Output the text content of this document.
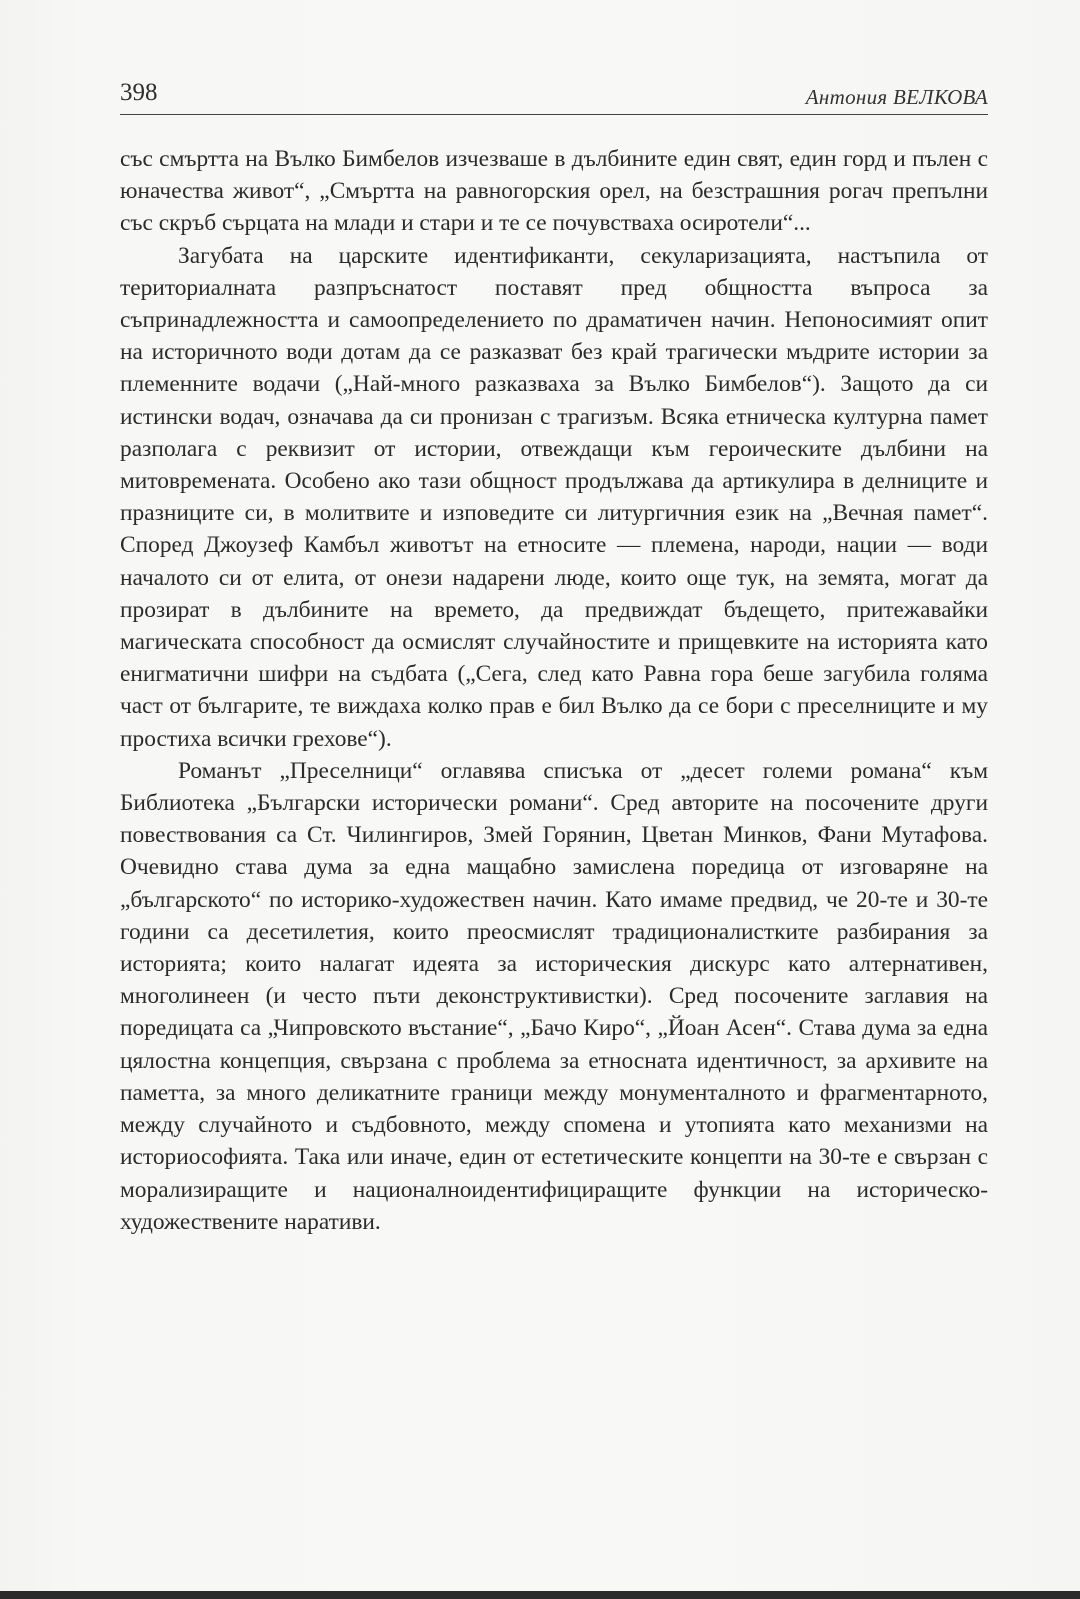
398	Антония ВЕЛКОВА

със смъртта на Вълко Бимбелов изчезваше в дълбините един свят, един горд и пълен с юначества живот“, „Смъртта на равногорския орел, на безстрашния рогач препълни със скръб сърцата на млади и стари и те се почувстваха осиротели“...

Загубата на царските идентификанти, секуларизацията, настъпила от териториалната разпръснатост поставят пред общността въпроса за съпринадлежността и самоопределението по драматичен начин. Непоносимият опит на историчното води дотам да се разказват без край трагически мъдрите истории за племенните водачи („Най-много разказваха за Вълко Бимбелов“). Защото да си истински водач, означава да си пронизан с трагизъм. Всяка етническа културна памет разполага с реквизит от истории, отвеждащи към героическите дълбини на митовремената. Особено ако тази общност продължава да артикулира в делниците и празниците си, в молитвите и изповедите си литургичния език на „Вечная памет“. Според Джоузеф Камбъл животът на етносите — племена, народи, нации — води началото си от елита, от онези надарени люде, които още тук, на земята, могат да прозират в дълбините на времето, да предвиждат бъдещето, притежавайки магическата способност да осмислят случайностите и прищевките на историята като енигматични шифри на съдбата („Сега, след като Равна гора беше загубила голяма част от българите, те виждаха колко прав е бил Вълко да се бори с преселниците и му простиха всички грехове“).

Романът „Преселници“ оглавява списъка от „десет големи романа“ към Библиотека „Български исторически романи“. Сред авторите на посочените други повествования са Ст. Чилингиров, Змей Горянин, Цветан Минков, Фани Мутафова. Очевидно става дума за една мащабно замислена поредица от изговаряне на „българското“ по историко-художествен начин. Като имаме предвид, че 20-те и 30-те години са десетилетия, които преосмислят традиционалистките разбирания за историята; които налагат идеята за историческия дискурс като алтернативен, многолинеен (и често пъти деконструктивистки). Сред посочените заглавия на поредицата са „Чипровското въстание“, „Бачо Киро“, „Йоан Асен“. Става дума за една цялостна концепция, свързана с проблема за етносната идентичност, за архивите на паметта, за много деликатните граници между монументалното и фрагментарното, между случайното и съдбовното, между спомена и утопията като механизми на историософията. Така или иначе, един от естетическите концепти на 30-те е свързан с морализиращите и националноидентифициращите функции на историческо-художествените наративи.
